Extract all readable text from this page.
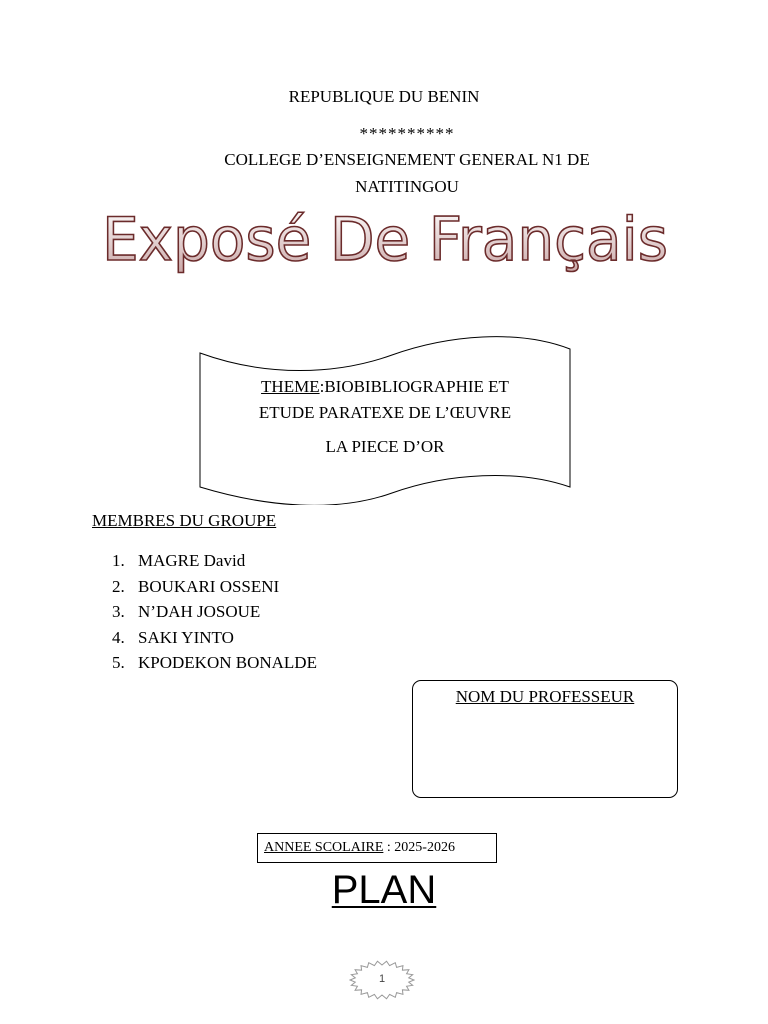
REPUBLIQUE DU BENIN
**********
COLLEGE D’ENSEIGNEMENT GENERAL N1 DE
NATITINGOU
Exposé De Français
THEME:BIOBIBLIOGRAPHIE ET
ETUDE PARATEXE DE L’ŒUVRE
LA PIECE D’OR
MEMBRES DU GROUPE
1. MAGRE David
2. BOUKARI OSSENI
3. N’DAH JOSOUE
4. SAKI YINTO
5. KPODEKON BONALDE
NOM DU PROFESSEUR
ANNEE SCOLAIRE : 2025-2026
PLAN
1
